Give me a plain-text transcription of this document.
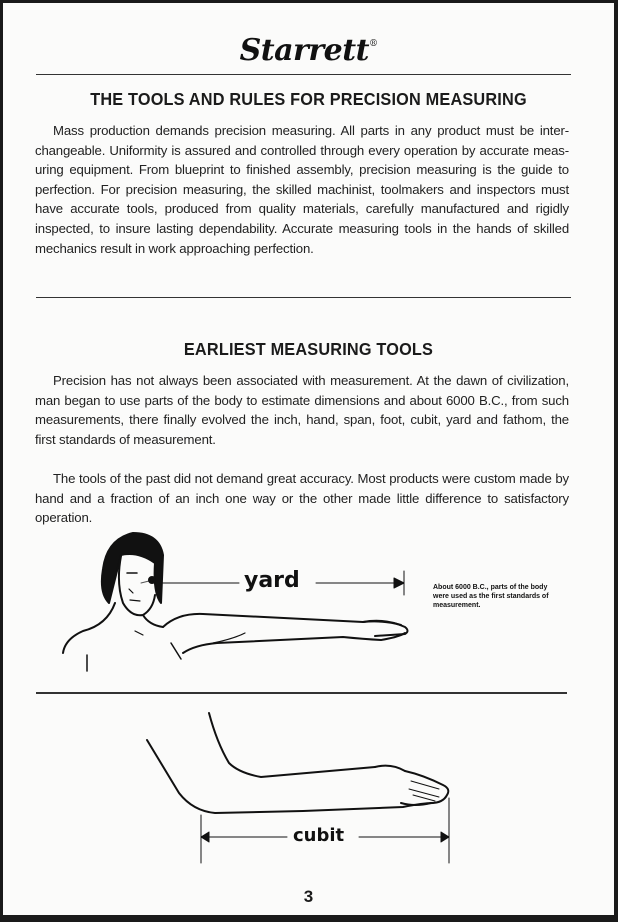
Starrett®
THE TOOLS AND RULES FOR PRECISION MEASURING

Mass production demands precision measuring. All parts in any product must be inter-changeable. Uniformity is assured and controlled through every operation by accurate meas-uring equipment. From blueprint to finished assembly, precision measuring is the guide to perfection. For precision measuring, the skilled machinist, toolmakers and inspectors must have accurate tools, produced from quality materials, carefully manufactured and rigidly inspected, to insure lasting dependability. Accurate measuring tools in the hands of skilled mechanics result in work approaching perfection.

EARLIEST MEASURING TOOLS

Precision has not always been associated with measurement. At the dawn of civilization, man began to use parts of the body to estimate dimensions and about 6000 B.C., from such measurements, there finally evolved the inch, hand, span, foot, cubit, yard and fathom, the first standards of measurement.

The tools of the past did not demand great accuracy. Most products were custom made by hand and a fraction of an inch one way or the other made little difference to satisfactory operation.

yard	About 6000 B.C., parts of the body were used as the first standards of measurement.
cubit
3
